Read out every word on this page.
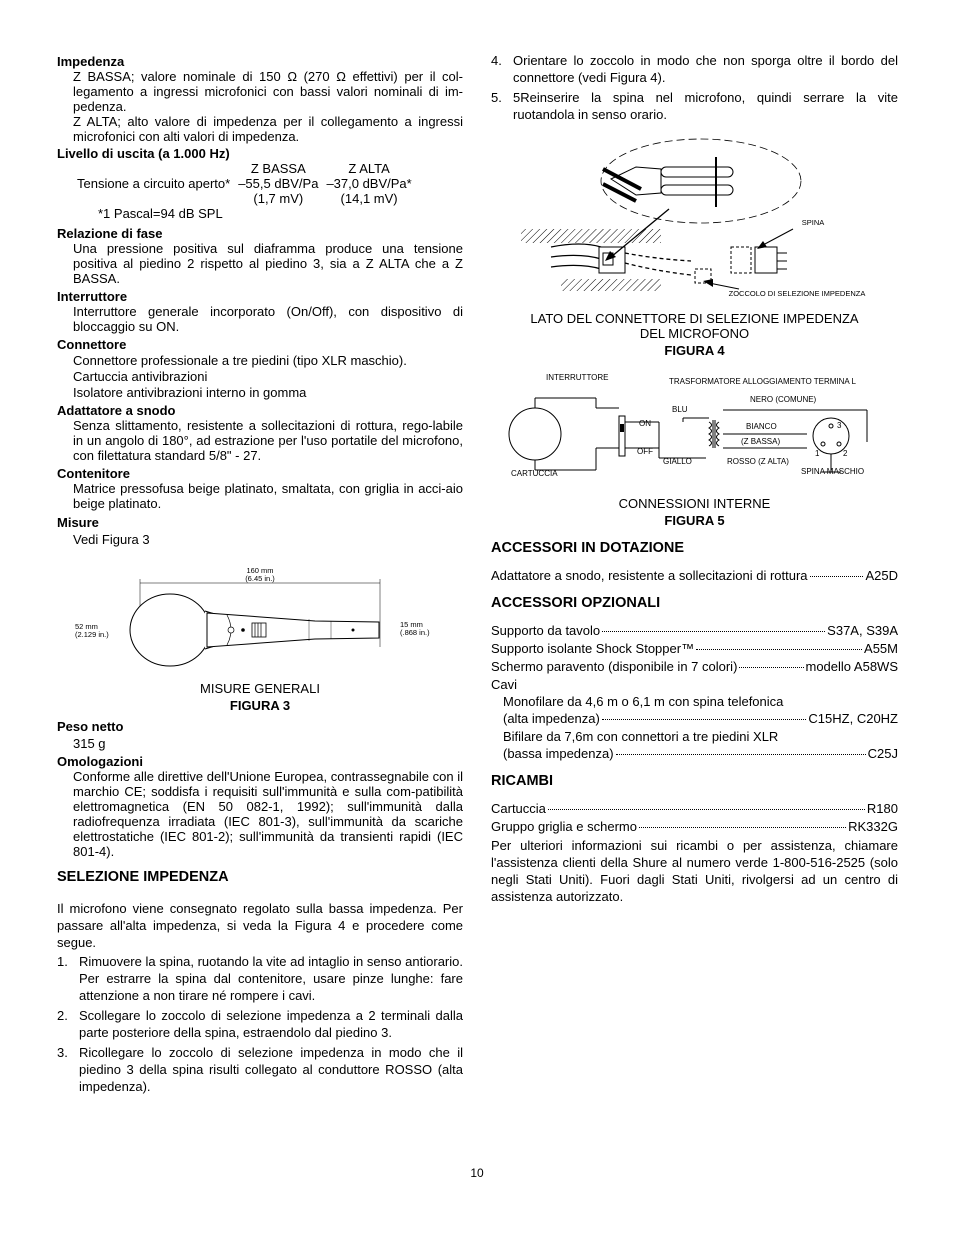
Impedenza

Z BASSA; valore nominale di 150 Ω (270 Ω effettivi) per il col-legamento a ingressi microfonici con bassi valori nominali di im-pedenza.

Z ALTA; alto valore di impedenza per il collegamento a ingressi microfonici con alti valori di impedenza.

Livello di uscita (a 1.000 Hz)
	Z BASSA	Z ALTA
Tensione a circuito aperto*	–55,5 dBV/Pa	–37,0 dBV/Pa*
	(1,7 mV)	(14,1 mV)
*1 Pascal=94 dB SPL
Relazione di fase

Una pressione positiva sul diaframma produce una tensione positiva al piedino 2 rispetto al piedino 3, sia a Z ALTA che a Z BASSA.

Interruttore

Interruttore generale incorporato (On/Off), con dispositivo di bloccaggio su ON.

Connettore

Connettore professionale a tre piedini (tipo XLR maschio).

Cartuccia antivibrazioni

Isolatore antivibrazioni interno in gomma

Adattatore a snodo

Senza slittamento, resistente a sollecitazioni di rottura, rego-labile in un angolo di 180°, ad estrazione per l'uso portatile del microfono, con filettatura standard 5/8" - 27.

Contenitore

Matrice pressofusa beige platinato, smaltata, con griglia in acci-aio beige platinato.

Misure

Vedi Figura 3

160 mm
(6.45 in.)
52 mm
(2.129 in.)
15 mm
(.868 in.)
MISURE GENERALI
FIGURA 3
Peso netto

315 g

Omologazioni

Conforme alle direttive dell'Unione Europea, contrassegnabile con il marchio CE; soddisfa i requisiti sull'immunità e sulla com-patibilità elettromagnetica (EN 50 082-1, 1992); sull'immunità dalla radiofrequenza irradiata (IEC 801-3), sull'immunità da scariche elettrostatiche (IEC 801-2); sull'immunità da transienti rapidi (IEC 801-4).

SELEZIONE IMPEDENZA

Il microfono viene consegnato regolato sulla bassa impedenza. Per passare all'alta impedenza, si veda la Figura 4 e procedere come segue.

1. Rimuovere la spina, ruotando la vite ad intaglio in senso antiorario. Per estrarre la spina dal contenitore, usare pinze lunghe: fare attenzione a non tirare né rompere i cavi.
2. Scollegare lo zoccolo di selezione impedenza a 2 terminali dalla parte posteriore della spina, estraendolo dal piedino 3.
3. Ricollegare lo zoccolo di selezione impedenza in modo che il piedino 3 della spina risulti collegato al conduttore ROSSO (alta impedenza).
4. Orientare lo zoccolo in modo che non sporga oltre il bordo del connettore (vedi Figura 4).
5. 5Reinserire la spina nel microfono, quindi serrare la vite ruotandola in senso orario.
SPINA
ZOCCOLO DI SELEZIONE IMPEDENZA
LATO DEL CONNETTORE DI SELEZIONE IMPEDENZA
DEL MICROFONO
FIGURA 4
INTERRUTTORE	TRASFORMATORE ALLOGGIAMENTO TERMINA L
NERO (COMUNE)
BLU
ON
OFF
BIANCO
(Z BASSA)
GIALLO	ROSSO (Z ALTA)
CARTUCCIA	SPINA MASCHIO
3
1	2
CONNESSIONI INTERNE
FIGURA 5
ACCESSORI IN DOTAZIONE
Adattatore a snodo, resistente a sollecitazioni di rottura	A25D
ACCESSORI OPZIONALI
Supporto da tavolo	S37A, S39A
Supporto isolante Shock Stopper™	A55M
Schermo paravento (disponibile in 7 colori)	modello A58WS
Cavi
Monofilare da 4,6 m o 6,1 m con spina telefonica
(alta impedenza)	C15HZ, C20HZ
Bifilare da 7,6m con connettori a tre piedini XLR
(bassa impedenza)	C25J
RICAMBI
Cartuccia	R180
Gruppo griglia e schermo	RK332G

Per ulteriori informazioni sui ricambi o per assistenza, chiamare l'assistenza clienti della Shure al numero verde 1-800-516-2525 (solo negli Stati Uniti). Fuori dagli Stati Uniti, rivolgersi ad un centro di assistenza autorizzato.

10
